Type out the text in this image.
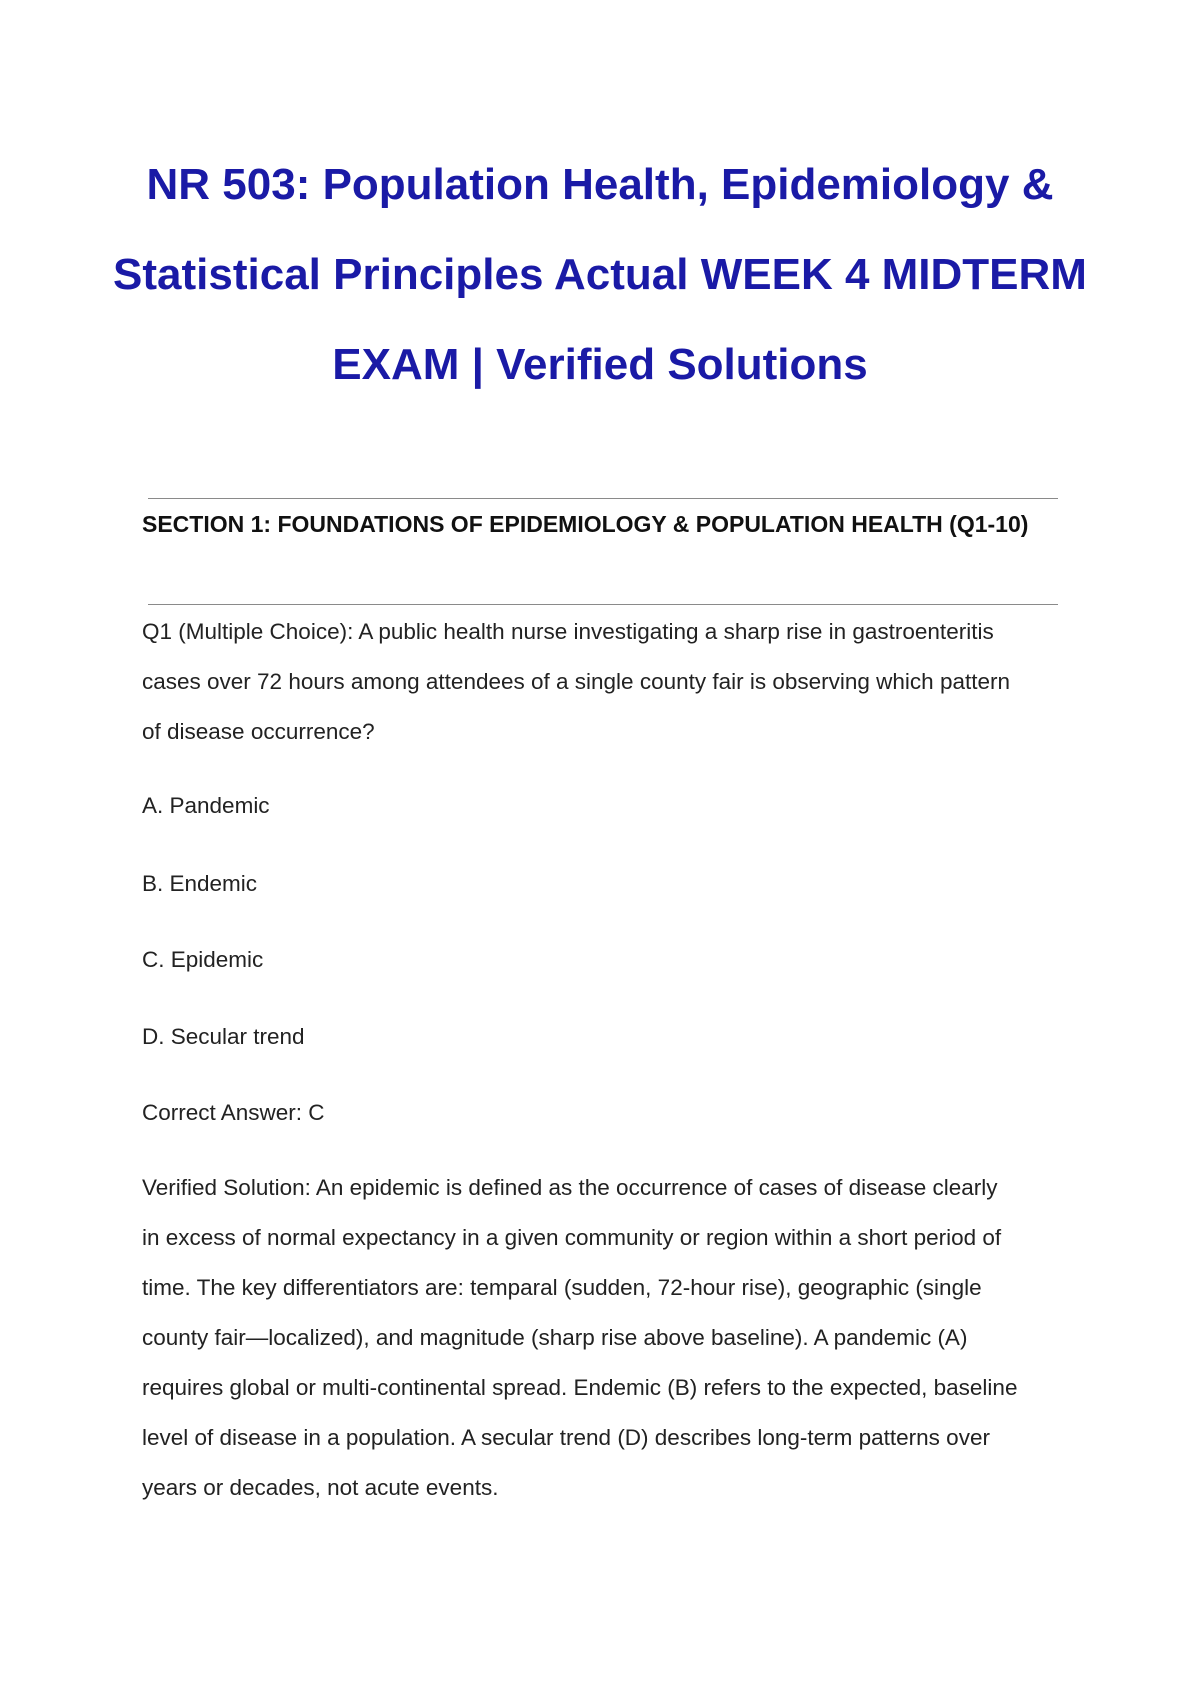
NR 503: Population Health, Epidemiology &
Statistical Principles Actual WEEK 4 MIDTERM
EXAM | Verified Solutions
SECTION 1: FOUNDATIONS OF EPIDEMIOLOGY & POPULATION HEALTH (Q1-10)

Q1 (Multiple Choice): A public health nurse investigating a sharp rise in gastroenteritis
cases over 72 hours among attendees of a single county fair is observing which pattern
of disease occurrence?

A. Pandemic

B. Endemic

C. Epidemic

D. Secular trend

Correct Answer: C

Verified Solution: An epidemic is defined as the occurrence of cases of disease clearly
in excess of normal expectancy in a given community or region within a short period of
time. The key differentiators are: temparal (sudden, 72-hour rise), geographic (single
county fair—localized), and magnitude (sharp rise above baseline). A pandemic (A)
requires global or multi-continental spread. Endemic (B) refers to the expected, baseline
level of disease in a population. A secular trend (D) describes long-term patterns over
years or decades, not acute events.
